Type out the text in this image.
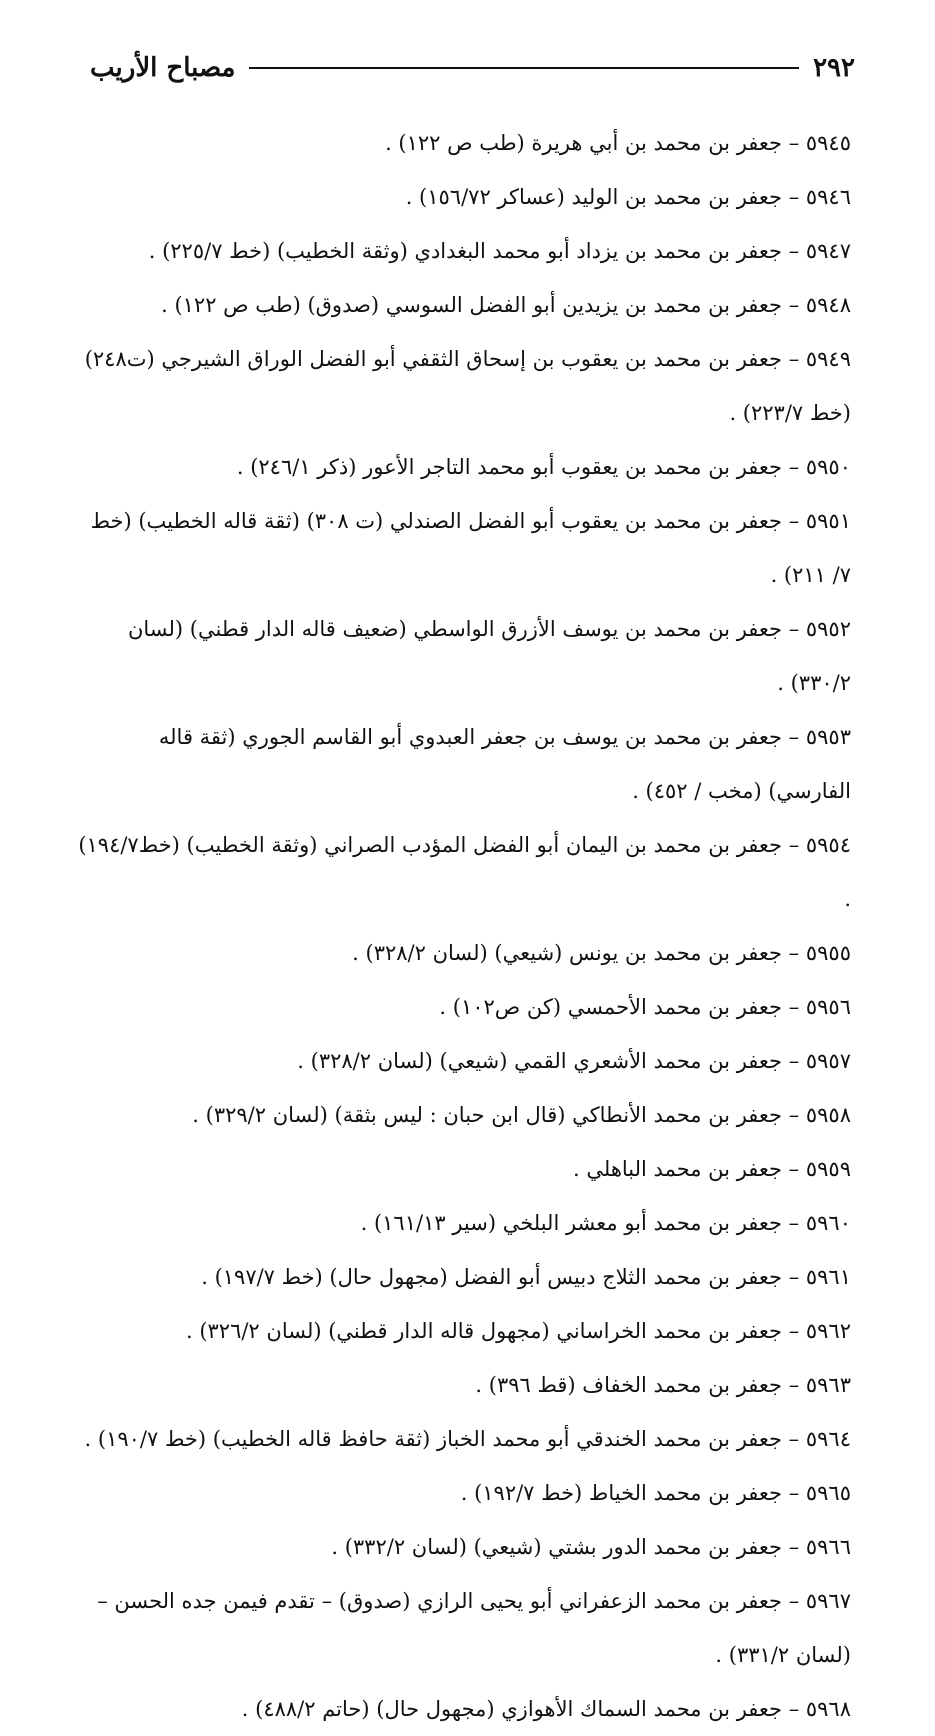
٢٩٢
مصباح الأريب

٥٩٤٥ – جعفر بن محمد بن أبي هريرة (طب ص ١٢٢) .

٥٩٤٦ – جعفر بن محمد بن الوليد (عساكر ١٥٦/٧٢) .

٥٩٤٧ – جعفر بن محمد بن يزداد أبو محمد البغدادي (وثقة الخطيب) (خط ٢٢٥/٧) .

٥٩٤٨ – جعفر بن محمد بن يزيدين أبو الفضل السوسي (صدوق) (طب ص ١٢٢) .

٥٩٤٩ – جعفر بن محمد بن يعقوب بن إسحاق الثقفي أبو الفضل الوراق الشيرجي (ت٢٤٨) (خط ٢٢٣/٧) .

٥٩٥٠ – جعفر بن محمد بن يعقوب أبو محمد التاجر الأعور (ذكر ٢٤٦/١) .

٥٩٥١ – جعفر بن محمد بن يعقوب أبو الفضل الصندلي (ت ٣٠٨) (ثقة قاله الخطيب) (خط ٧/ ٢١١) .

٥٩٥٢ – جعفر بن محمد بن يوسف الأزرق الواسطي (ضعيف قاله الدار قطني) (لسان ٣٣٠/٢) .

٥٩٥٣ – جعفر بن محمد بن يوسف بن جعفر العبدوي أبو القاسم الجوري (ثقة قاله الفارسي) (مخب / ٤٥٢) .

٥٩٥٤ – جعفر بن محمد بن اليمان أبو الفضل المؤدب الصراني (وثقة الخطيب) (خط١٩٤/٧) .

٥٩٥٥ – جعفر بن محمد بن يونس (شيعي) (لسان ٣٢٨/٢) .

٥٩٥٦ – جعفر بن محمد الأحمسي (كن ص١٠٢) .

٥٩٥٧ – جعفر بن محمد الأشعري القمي (شيعي) (لسان ٣٢٨/٢) .

٥٩٥٨ – جعفر بن محمد الأنطاكي (قال ابن حبان : ليس بثقة) (لسان ٣٢٩/٢) .

٥٩٥٩ – جعفر بن محمد الباهلي .

٥٩٦٠ – جعفر بن محمد أبو معشر البلخي (سير ١٦١/١٣) .

٥٩٦١ – جعفر بن محمد الثلاج دبيس أبو الفضل (مجهول حال) (خط ١٩٧/٧) .

٥٩٦٢ – جعفر بن محمد الخراساني (مجهول قاله الدار قطني) (لسان ٣٢٦/٢) .

٥٩٦٣ – جعفر بن محمد الخفاف (قط ٣٩٦) .

٥٩٦٤ – جعفر بن محمد الخندقي أبو محمد الخباز (ثقة حافظ قاله الخطيب) (خط ١٩٠/٧) .

٥٩٦٥ – جعفر بن محمد الخياط (خط ١٩٢/٧) .

٥٩٦٦ – جعفر بن محمد الدور بشتي (شيعي) (لسان ٣٣٢/٢) .

٥٩٦٧ – جعفر بن محمد الزعفراني أبو يحيى الرازي (صدوق) – تقدم فيمن جده الحسن – (لسان ٣٣١/٢) .

٥٩٦٨ – جعفر بن محمد السماك الأهوازي (مجهول حال) (حاتم ٤٨٨/٢) .
